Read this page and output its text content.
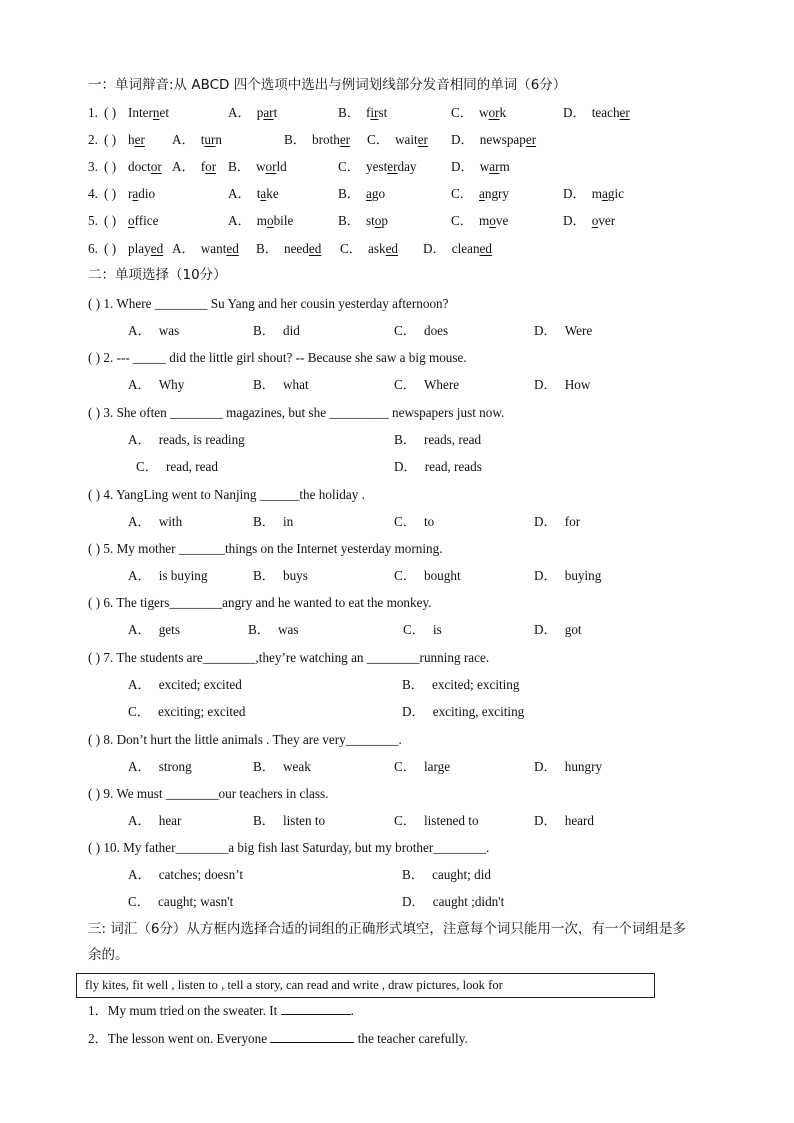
一：单词辩音:从 ABCD 四个选项中选出与例词划线部分发音相同的单词（6分）
1. ( ) Internet	A． part	B． first	C． work	D． teacher
2. ( ) her A． turn	B． brother C． waiter D． newspaper
3. ( ) doctor A． for B． world	C． yesterday	D． warm
4. ( ) radio	A． take	B． ago	C． angry	D． magic
5. ( ) office	A． mobile	B． stop	C． move	D． over
6. ( ) played A． wanted B． needed C． asked D． cleaned
二：单项选择（10分）
( ) 1. Where ________ Su Yang and her cousin yesterday afternoon?
A． was	B． did	C． does	D． Were
( ) 2. --- _____ did the little girl shout? -- Because she saw a big mouse.
A． Why	B． what	C． Where	D． How
( ) 3. She often ________ magazines, but she _________ newspapers just now.
A． reads, is reading	B． reads, read
C． read, read	D． read, reads
( ) 4. YangLing went to Nanjing ______the holiday .
A． with	B． in	C． to	D． for
( ) 5. My mother _______things on the Internet yesterday morning.
A． is buying	B． buys	C． bought	D． buying
( ) 6. The tigers________angry and he wanted to eat the monkey.
A． gets	B． was	C． is	D． got
( ) 7. The students are________,they’re watching an ________running race.
A． excited; excited	B． excited; exciting
C． exciting; excited	D． exciting, exciting
( ) 8. Don’t hurt the little animals . They are very________.
A． strong	B． weak	C． large	D． hungry
( ) 9. We must ________our teachers in class.
A． hear	B． listen to	C． listened to	D． heard
( ) 10. My father________a big fish last Saturday, but my brother________.
A． catches; doesn’t	B． caught; did
C． caught; wasn't	D． caught ;didn't
三: 词汇（6分）从方框内选择合适的词组的正确形式填空，注意每个词只能用一次，有一个词组是多
余的。
fly kites, fit well , listen to , tell a story, can read and write , draw pictures, look for
1．My mum tried on the sweater. It	.
2．The lesson went on. Everyone	the teacher carefully.
